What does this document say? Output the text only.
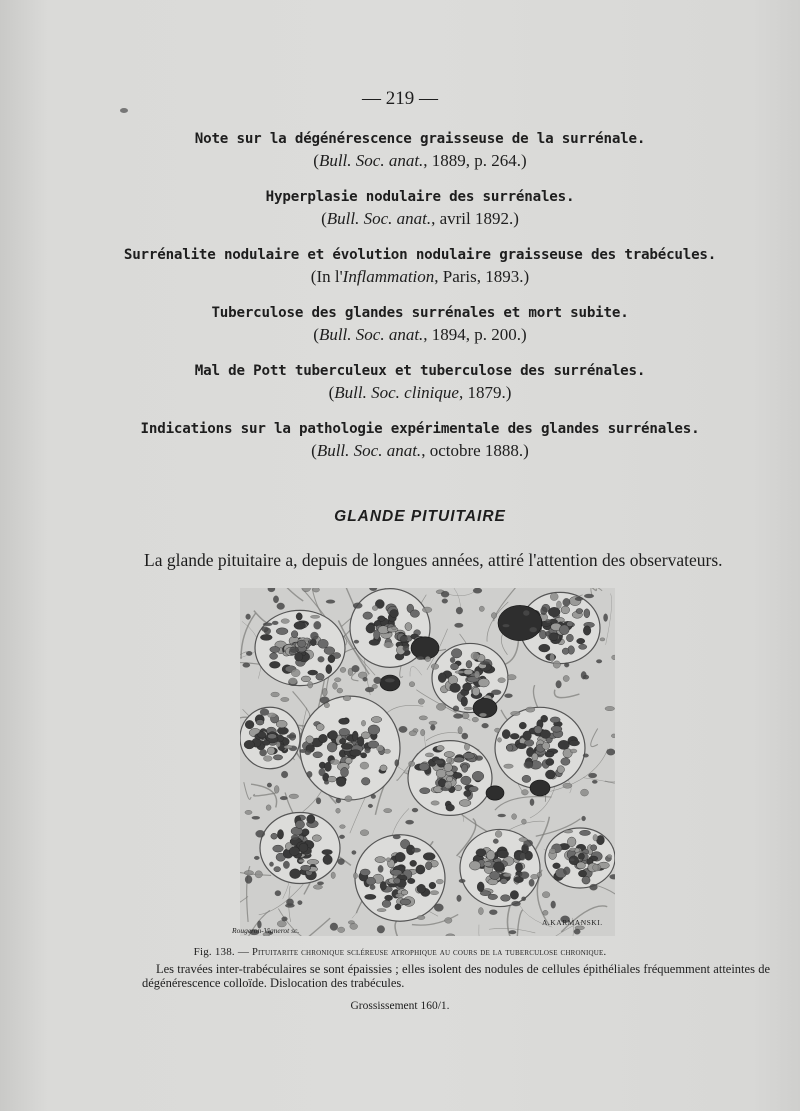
— 219 —
Note sur la dégénérescence graisseuse de la surrénale.
(Bull. Soc. anat., 1889, p. 264.)
Hyperplasie nodulaire des surrénales.
(Bull. Soc. anat., avril 1892.)
Surrénalite nodulaire et évolution nodulaire graisseuse des trabécules.
(In l'Inflammation, Paris, 1893.)
Tuberculose des glandes surrénales et mort subite.
(Bull. Soc. anat., 1894, p. 200.)
Mal de Pott tuberculeux et tuberculose des surrénales.
(Bull. Soc. clinique, 1879.)
Indications sur la pathologie expérimentale des glandes surrénales.
(Bull. Soc. anat., octobre 1888.)
GLANDE PITUITAIRE
La glande pituitaire a, depuis de longues années, attiré l'attention des observateurs.
Rougeron-Vignerot sc.
A.KARMANSKI.
Fig. 138. — Pituitarite chronique scléreuse atrophique au cours de la tuberculose chronique.
Les travées inter-trabéculaires se sont épaissies ; elles isolent des nodules de cellules épithéliales fréquemment atteintes de dégénérescence colloïde. Dislocation des trabécules.
Grossissement 160/1.
